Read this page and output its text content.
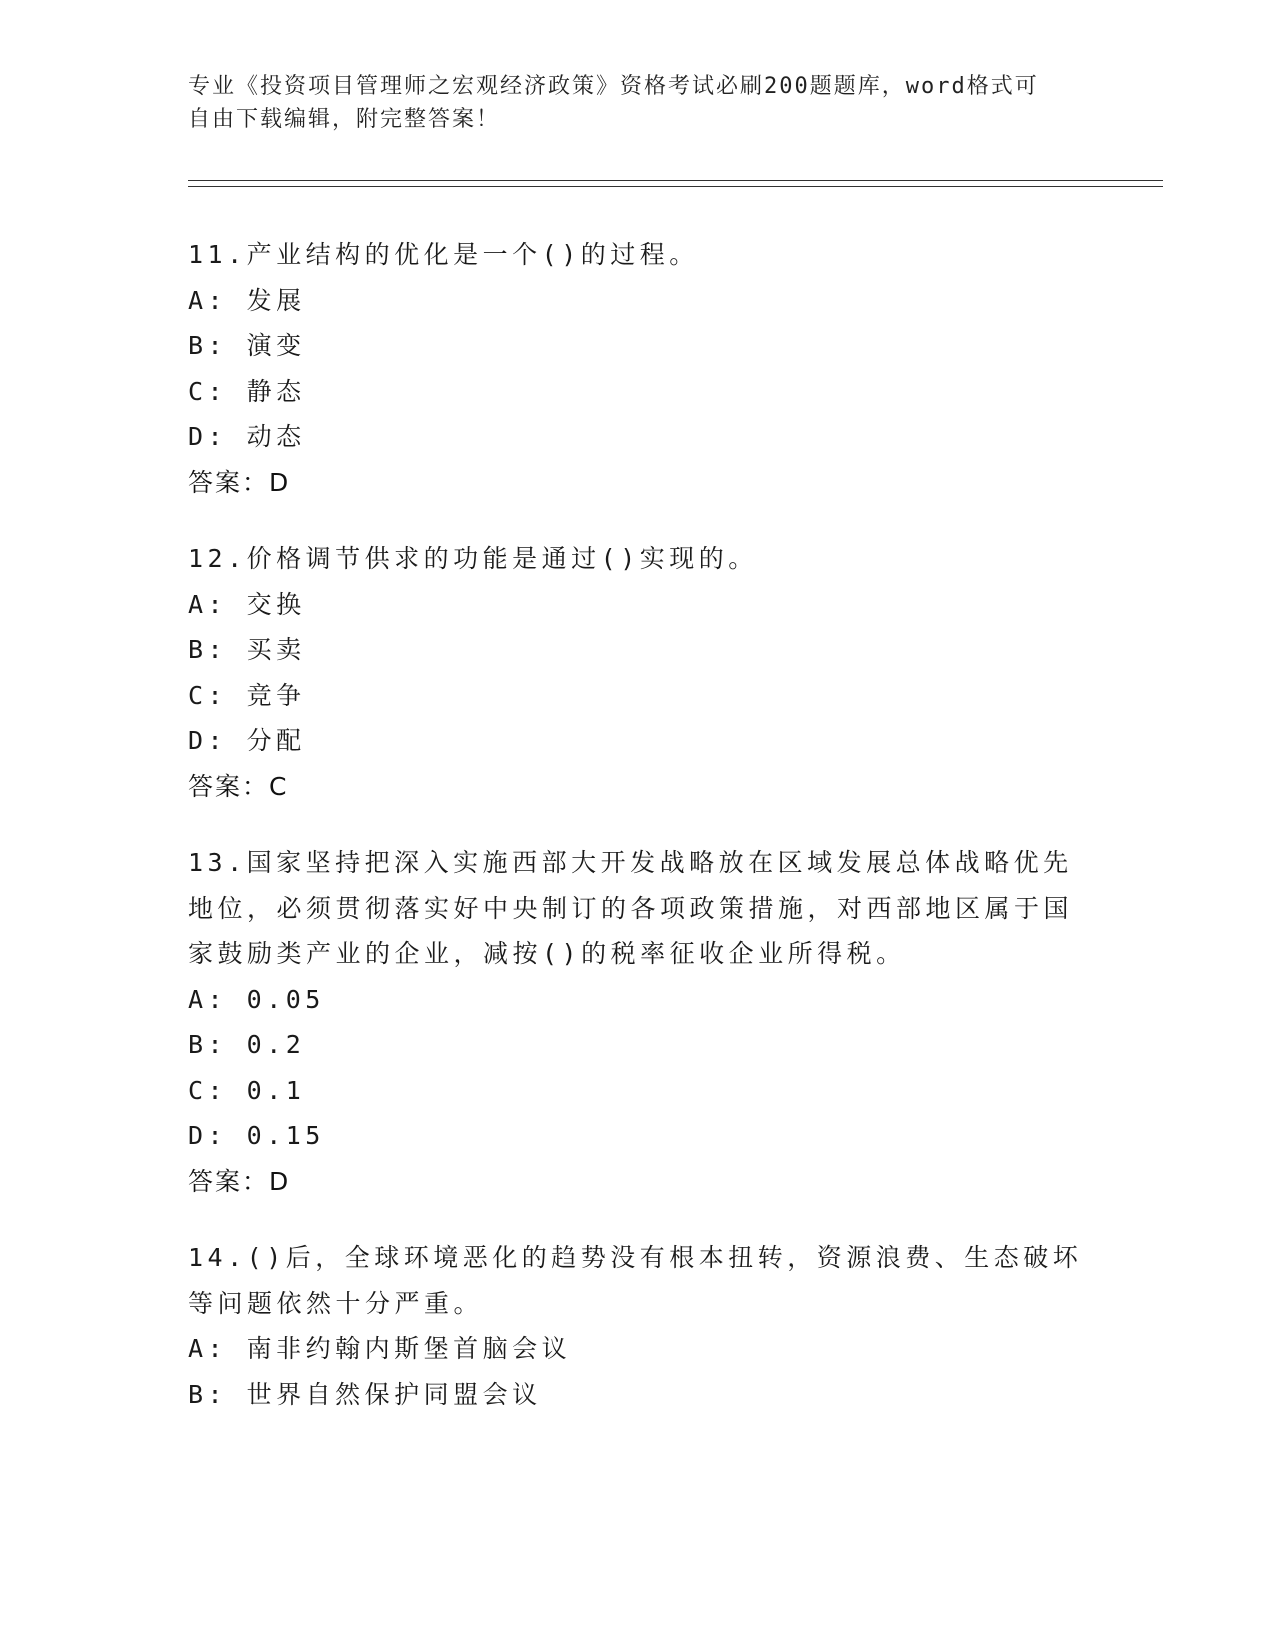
专业《投资项目管理师之宏观经济政策》资格考试必刷200题题库，word格式可
自由下载编辑，附完整答案！
11.产业结构的优化是一个()的过程。
A: 发展
B: 演变
C: 静态
D: 动态
答案：D
12.价格调节供求的功能是通过()实现的。
A: 交换
B: 买卖
C: 竞争
D: 分配
答案：C
13.国家坚持把深入实施西部大开发战略放在区域发展总体战略优先地位，必须贯彻落实好中央制订的各项政策措施，对西部地区属于国家鼓励类产业的企业，减按()的税率征收企业所得税。
A: 0.05
B: 0.2
C: 0.1
D: 0.15
答案：D
14.()后，全球环境恶化的趋势没有根本扭转，资源浪费、生态破坏等问题依然十分严重。
A: 南非约翰内斯堡首脑会议
B: 世界自然保护同盟会议
